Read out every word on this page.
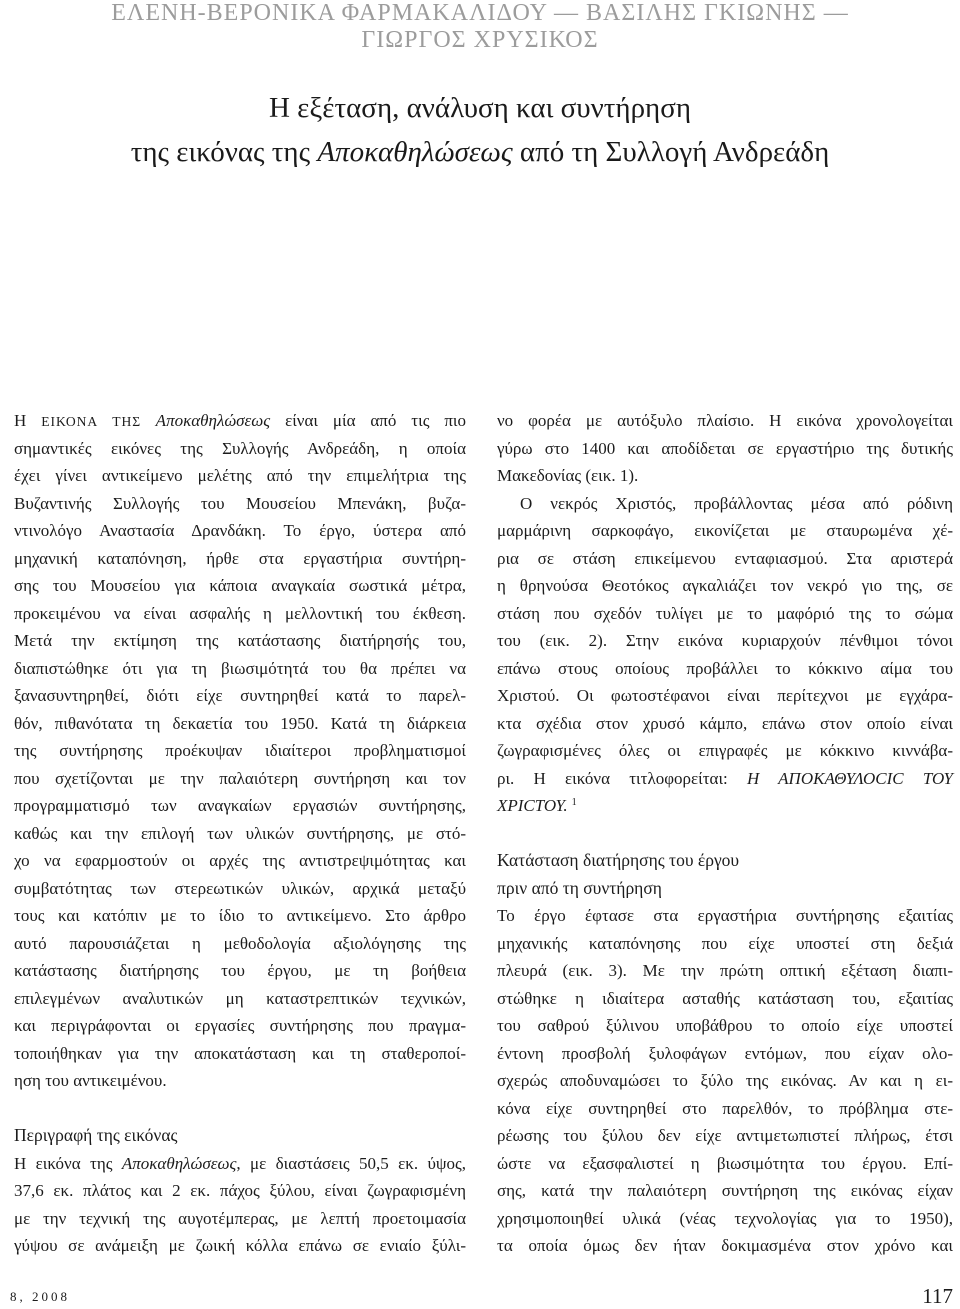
ΕΛΕΝΗ-ΒΕΡΟΝΙΚΑ ΦΑΡΜΑΚΑΛΙΔΟΥ — ΒΑΣΙΛΗΣ ΓΚΙΩΝΗΣ —
ΓΙΩΡΓΟΣ ΧΡΥΣΙΚΟΣ
Η εξέταση, ανάλυση και συντήρηση
της εικόνας της Αποκαθηλώσεως από τη Συλλογή Ανδρεάδη
Η ΕΙΚΟΝΑ ΤΗΣ Αποκαθηλώσεως είναι μία από τις πιο
σημαντικές εικόνες της Συλλογής Ανδρεάδη, η οποία
έχει γίνει αντικείμενο μελέτης από την επιμελήτρια της
Βυζαντινής Συλλογής του Μουσείου Μπενάκη, βυζα-
ντινολόγο Αναστασία Δρανδάκη. Το έργο, ύστερα από
μηχανική καταπόνηση, ήρθε στα εργαστήρια συντήρη-
σης του Μουσείου για κάποια αναγκαία σωστικά μέτρα,
προκειμένου να είναι ασφαλής η μελλοντική του έκθεση.
Μετά την εκτίμηση της κατάστασης διατήρησής του,
διαπιστώθηκε ότι για τη βιωσιμότητά του θα πρέπει να
ξανασυντηρηθεί, διότι είχε συντηρηθεί κατά το παρελ-
θόν, πιθανότατα τη δεκαετία του 1950. Κατά τη διάρκεια
της συντήρησης προέκυψαν ιδιαίτεροι προβληματισμοί
που σχετίζονται με την παλαιότερη συντήρηση και τον
προγραμματισμό των αναγκαίων εργασιών συντήρησης,
καθώς και την επιλογή των υλικών συντήρησης, με στό-
χο να εφαρμοστούν οι αρχές της αντιστρεψιμότητας και
συμβατότητας των στερεωτικών υλικών, αρχικά μεταξύ
τους και κατόπιν με το ίδιο το αντικείμενο. Στο άρθρο
αυτό παρουσιάζεται η μεθοδολογία αξιολόγησης της
κατάστασης διατήρησης του έργου, με τη βοήθεια
επιλεγμένων αναλυτικών μη καταστρεπτικών τεχνικών,
και περιγράφονται οι εργασίες συντήρησης που πραγμα-
τοποιήθηκαν για την αποκατάσταση και τη σταθεροποί-
ηση του αντικειμένου.
Περιγραφή της εικόνας
Η εικόνα της Αποκαθηλώσεως, με διαστάσεις 50,5 εκ. ύψος,
37,6 εκ. πλάτος και 2 εκ. πάχος ξύλου, είναι ζωγραφισμένη
με την τεχνική της αυγοτέμπερας, με λεπτή προετοιμασία
γύψου σε ανάμειξη με ζωική κόλλα επάνω σε ενιαίο ξύλι-
νο φορέα με αυτόξυλο πλαίσιο. Η εικόνα χρονολογείται
γύρω στο 1400 και αποδίδεται σε εργαστήριο της δυτικής
Μακεδονίας (εικ. 1).
Ο νεκρός Χριστός, προβάλλοντας μέσα από ρόδινη
μαρμάρινη σαρκοφάγο, εικονίζεται με σταυρωμένα χέ-
ρια σε στάση επικείμενου ενταφιασμού. Στα αριστερά
η θρηνούσα Θεοτόκος αγκαλιάζει τον νεκρό γιο της, σε
στάση που σχεδόν τυλίγει με το μαφόριό της το σώμα
του (εικ. 2). Στην εικόνα κυριαρχούν πένθιμοι τόνοι
επάνω στους οποίους προβάλλει το κόκκινο αίμα του
Χριστού. Οι φωτοστέφανοι είναι περίτεχνοι με εγχάρα-
κτα σχέδια στον χρυσό κάμπο, επάνω στον οποίο είναι
ζωγραφισμένες όλες οι επιγραφές με κόκκινο κιννάβα-
ρι. Η εικόνα τιτλοφορείται: Η ΑΠΟΚΑΘΥΛΟCΙC ΤΟΥ
ΧΡΙCΤΟΥ. $^1$
Κατάσταση διατήρησης του έργου
πριν από τη συντήρηση
Το έργο έφτασε στα εργαστήρια συντήρησης εξαιτίας
μηχανικής καταπόνησης που είχε υποστεί στη δεξιά
πλευρά (εικ. 3). Με την πρώτη οπτική εξέταση διαπι-
στώθηκε η ιδιαίτερα ασταθής κατάσταση του, εξαιτίας
του σαθρού ξύλινου υποβάθρου το οποίο είχε υποστεί
έντονη προσβολή ξυλοφάγων εντόμων, που είχαν ολο-
σχερώς αποδυναμώσει το ξύλο της εικόνας. Αν και η ει-
κόνα είχε συντηρηθεί στο παρελθόν, το πρόβλημα στε-
ρέωσης του ξύλου δεν είχε αντιμετωπιστεί πλήρως, έτσι
ώστε να εξασφαλιστεί η βιωσιμότητα του έργου. Επί-
σης, κατά την παλαιότερη συντήρηση της εικόνας είχαν
χρησιμοποιηθεί υλικά (νέας τεχνολογίας για το 1950),
τα οποία όμως δεν ήταν δοκιμασμένα στον χρόνο και
8, 2008	117
